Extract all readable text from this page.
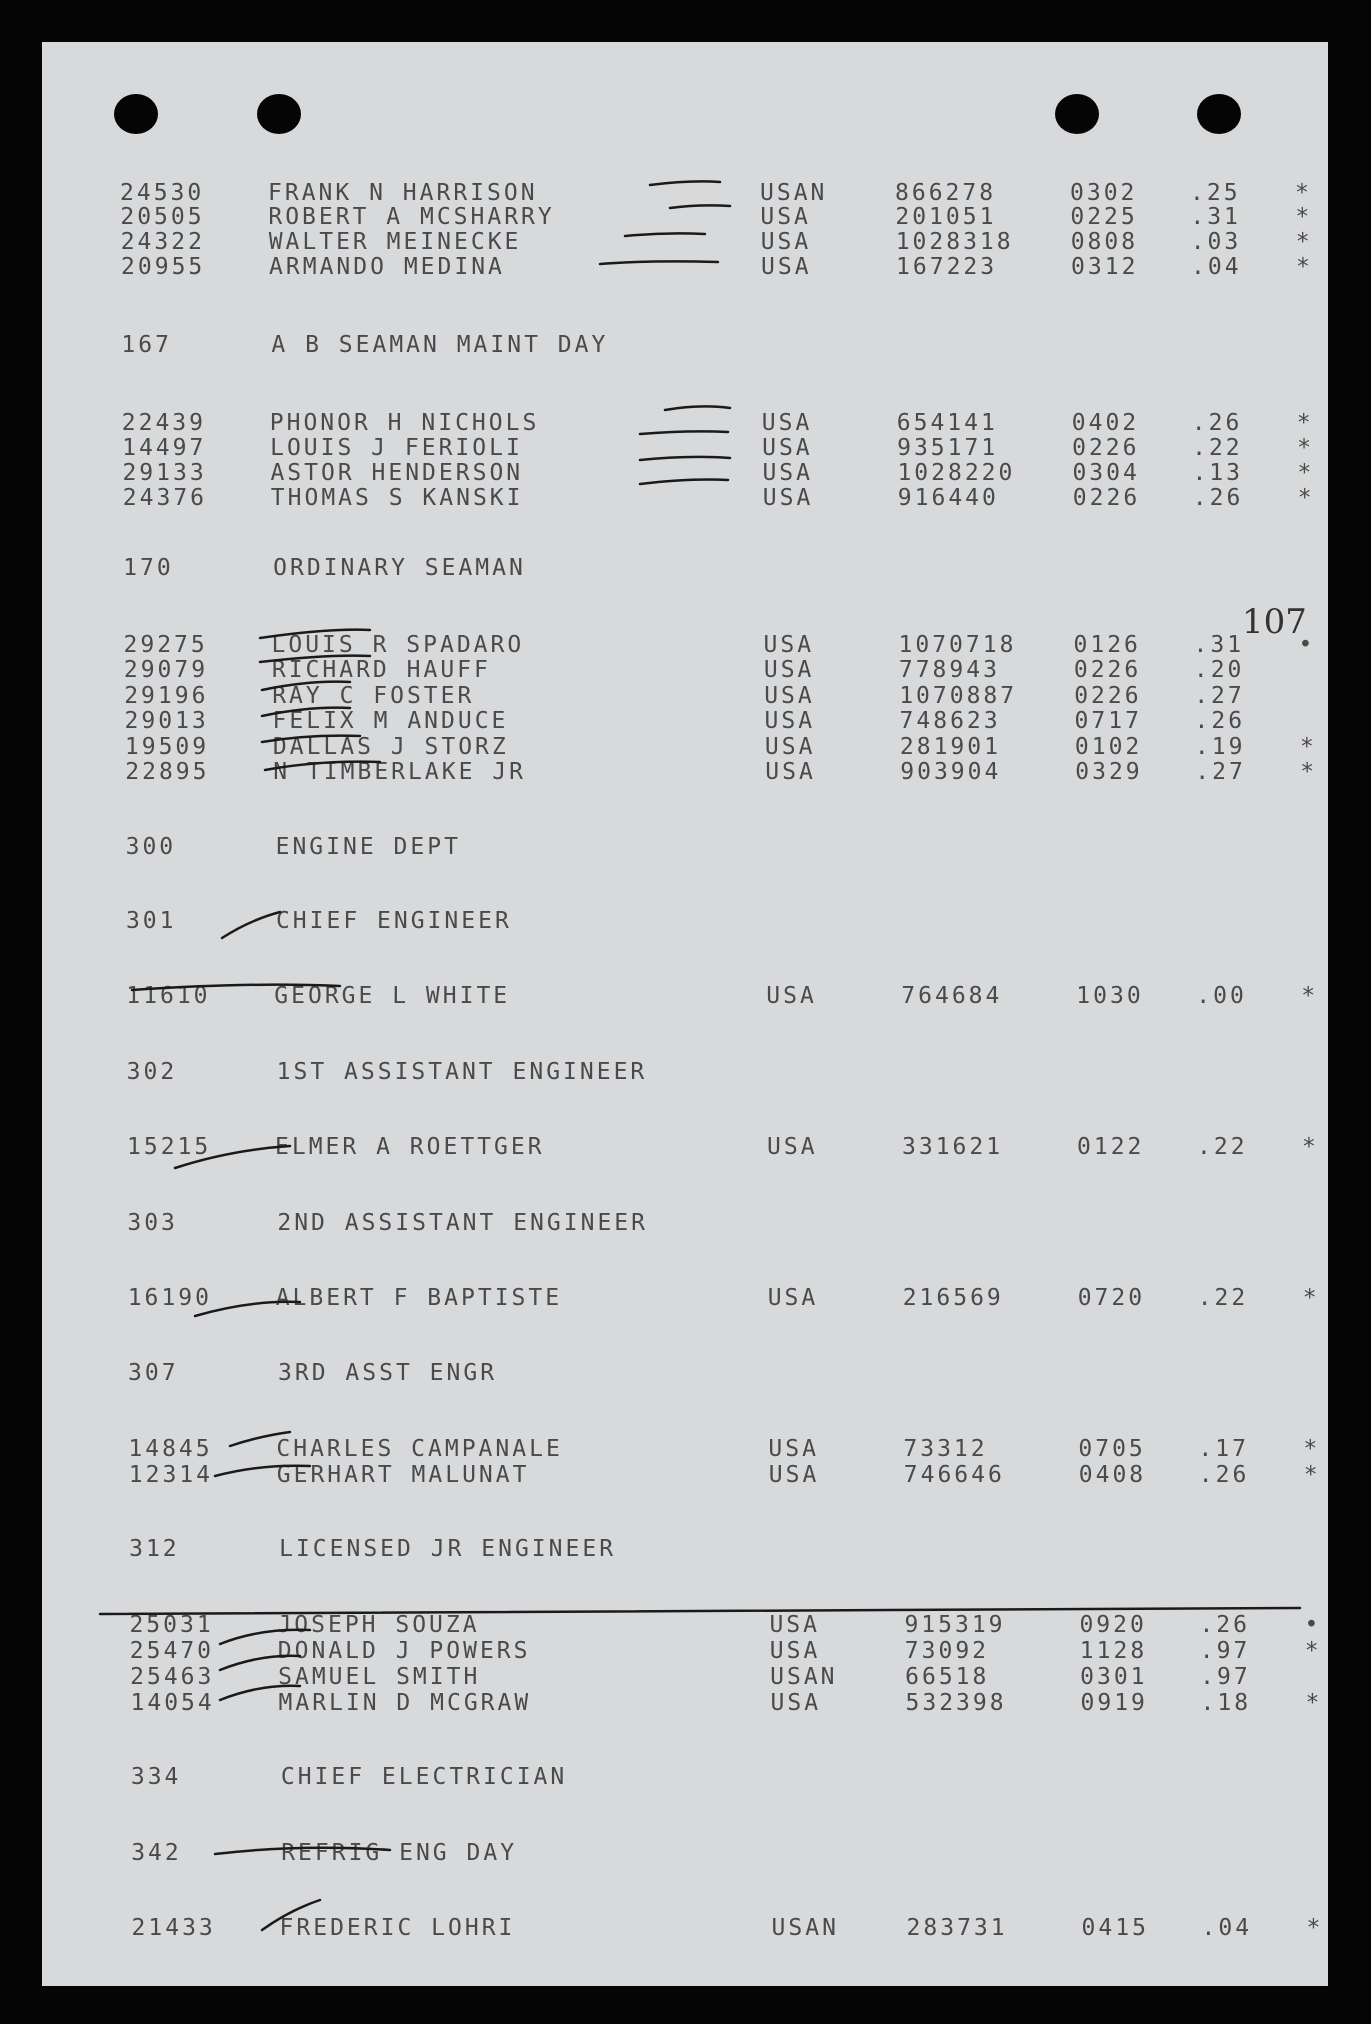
107
24530	FRANK N HARRISON	USAN	866278	0302 .25 *
20505	ROBERT A MCSHARRY	USA	201051	0225 .31 *
24322	WALTER MEINECKE	USA	1028318 0808 .03 *
20955	ARMANDO MEDINA	USA	167223	0312 .04 *
167	A B SEAMAN MAINT DAY
22439	PHONOR H NICHOLS	USA	654141	0402 .26 *
14497	LOUIS J FERIOLI	USA	935171	0226 .22 *
29133	ASTOR HENDERSON	USA	1028220 0304 .13 *
24376	THOMAS S KANSKI	USA	916440	0226 .26 *
170	ORDINARY SEAMAN
29275	LOUIS R SPADARO	USA	1070718 0126 .31 •
29079	RICHARD HAUFF	USA	778943	0226 .20
29196	RAY C FOSTER	USA	1070887 0226 .27
29013	FELIX M ANDUCE	USA	748623	0717 .26
19509	DALLAS J STORZ	USA	281901	0102 .19 *
22895	N TIMBERLAKE JR	USA	903904	0329 .27 *
300	ENGINE DEPT
301	CHIEF ENGINEER
11610	GEORGE L WHITE	USA	764684	1030 .00 *
302	1ST ASSISTANT ENGINEER
15215	ELMER A ROETTGER	USA	331621	0122 .22 *
303	2ND ASSISTANT ENGINEER
16190	ALBERT F BAPTISTE	USA	216569	0720 .22 *
307	3RD ASST ENGR
14845	CHARLES CAMPANALE	USA	73312	0705 .17 *
12314	GERHART MALUNAT	USA	746646	0408 .26 *
312	LICENSED JR ENGINEER
25031	JOSEPH SOUZA	USA	915319	0920 .26 •
25470	DONALD J POWERS	USA	73092	1128 .97 *
25463	SAMUEL SMITH	USAN	66518	0301 .97
14054	MARLIN D MCGRAW	USA	532398	0919 .18 *
334	CHIEF ELECTRICIAN
342	REFRIG ENG DAY
21433	FREDERIC LOHRI	USAN	283731	0415 .04 *
